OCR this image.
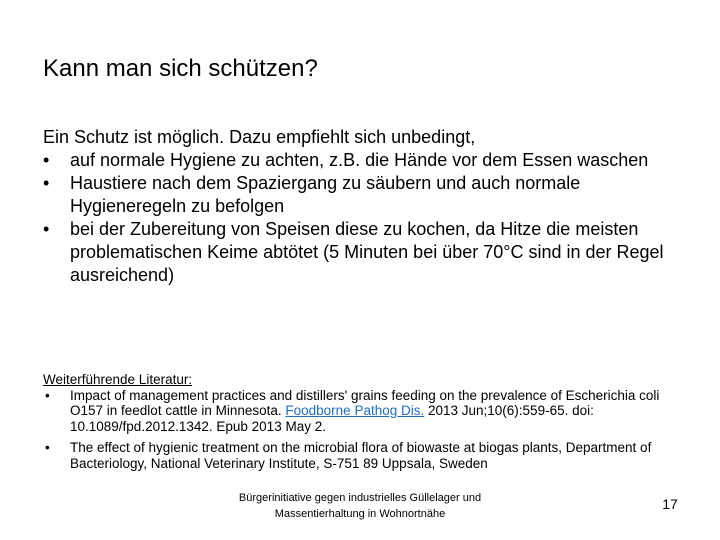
Kann man sich schützen?
Ein Schutz ist möglich. Dazu empfiehlt sich unbedingt,
• auf normale Hygiene zu achten, z.B. die Hände vor dem Essen waschen
• Haustiere nach dem Spaziergang zu säubern und auch normale Hygieneregeln zu befolgen
• bei der Zubereitung von Speisen diese zu kochen, da Hitze die meisten problematischen Keime abtötet (5 Minuten bei über 70°C sind in der Regel ausreichend)
Weiterführende Literatur:
• Impact of management practices and distillers' grains feeding on the prevalence of Escherichia coli O157 in feedlot cattle in Minnesota. Foodborne Pathog Dis. 2013 Jun;10(6):559-65. doi: 10.1089/fpd.2012.1342. Epub 2013 May 2.
• The effect of hygienic treatment on the microbial flora of biowaste at biogas plants, Department of Bacteriology, National Veterinary Institute, S-751 89 Uppsala, Sweden
Bürgerinitiative gegen industrielles Güllelager und
Massentierhaltung in Wohnortnähe
17
